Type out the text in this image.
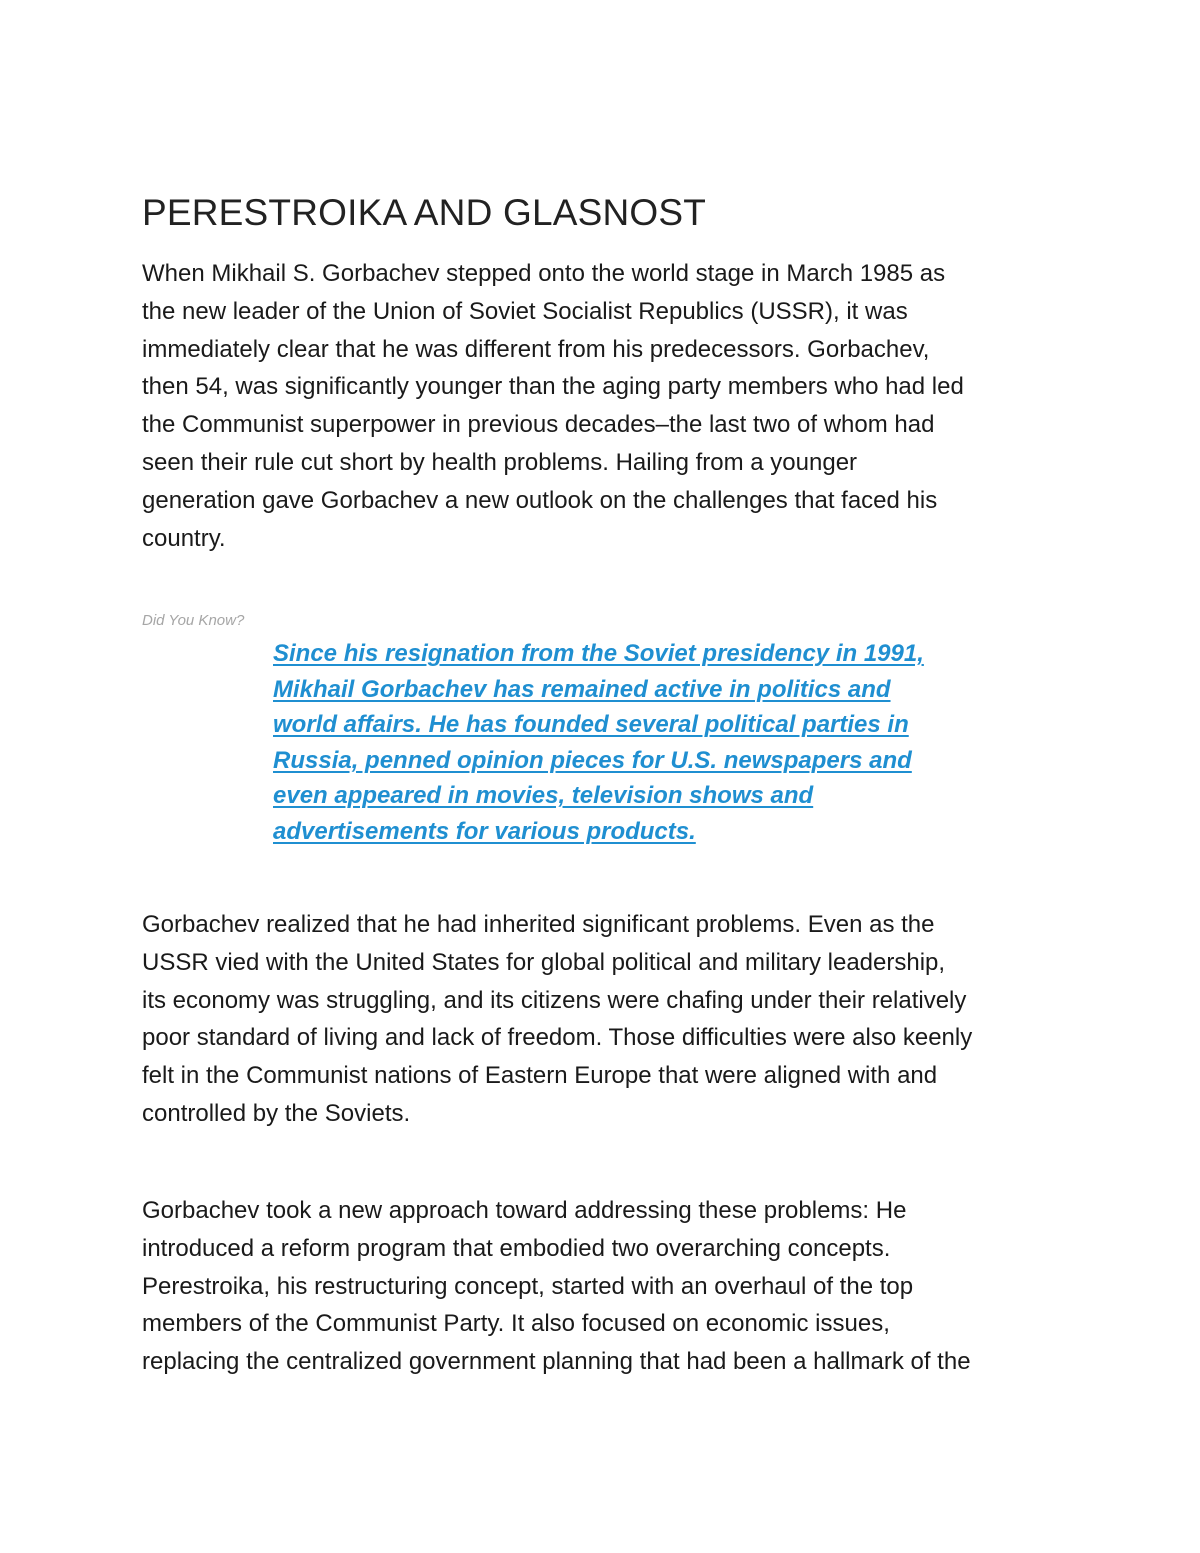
PERESTROIKA AND GLASNOST

When Mikhail S. Gorbachev stepped onto the world stage in March 1985 as
the new leader of the Union of Soviet Socialist Republics (USSR), it was
immediately clear that he was different from his predecessors. Gorbachev,
then 54, was significantly younger than the aging party members who had led
the Communist superpower in previous decades–the last two of whom had
seen their rule cut short by health problems. Hailing from a younger
generation gave Gorbachev a new outlook on the challenges that faced his
country.

Did You Know?
Since his resignation from the Soviet presidency in 1991,
Mikhail Gorbachev has remained active in politics and
world affairs. He has founded several political parties in
Russia, penned opinion pieces for U.S. newspapers and
even appeared in movies, television shows and
advertisements for various products.

Gorbachev realized that he had inherited significant problems. Even as the
USSR vied with the United States for global political and military leadership,
its economy was struggling, and its citizens were chafing under their relatively
poor standard of living and lack of freedom. Those difficulties were also keenly
felt in the Communist nations of Eastern Europe that were aligned with and
controlled by the Soviets.

Gorbachev took a new approach toward addressing these problems: He
introduced a reform program that embodied two overarching concepts.
Perestroika, his restructuring concept, started with an overhaul of the top
members of the Communist Party. It also focused on economic issues,
replacing the centralized government planning that had been a hallmark of the
